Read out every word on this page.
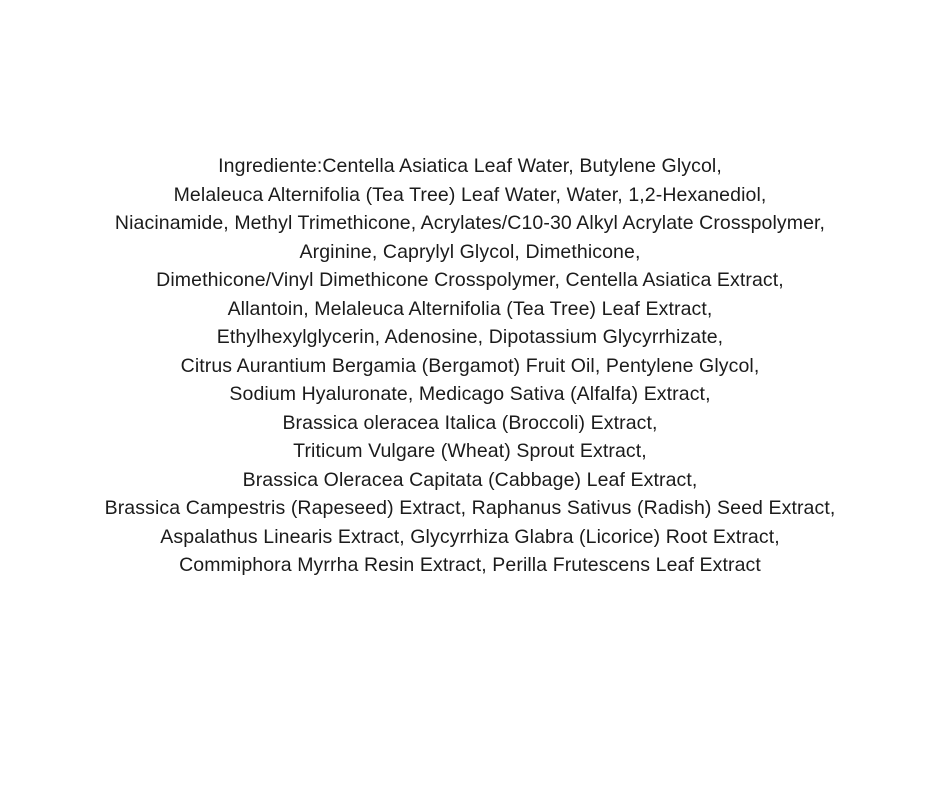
Ingrediente:Centella Asiatica Leaf Water, Butylene Glycol,
Melaleuca Alternifolia (Tea Tree) Leaf Water, Water, 1,2-Hexanediol,
Niacinamide, Methyl Trimethicone, Acrylates/C10-30 Alkyl Acrylate Crosspolymer,
Arginine, Caprylyl Glycol, Dimethicone,
Dimethicone/Vinyl Dimethicone Crosspolymer, Centella Asiatica Extract,
Allantoin, Melaleuca Alternifolia (Tea Tree) Leaf Extract,
Ethylhexylglycerin, Adenosine, Dipotassium Glycyrrhizate,
Citrus Aurantium Bergamia (Bergamot) Fruit Oil, Pentylene Glycol,
Sodium Hyaluronate, Medicago Sativa (Alfalfa) Extract,
Brassica oleracea Italica (Broccoli) Extract,
Triticum Vulgare (Wheat) Sprout Extract,
Brassica Oleracea Capitata (Cabbage) Leaf Extract,
Brassica Campestris (Rapeseed) Extract, Raphanus Sativus (Radish) Seed Extract,
Aspalathus Linearis Extract, Glycyrrhiza Glabra (Licorice) Root Extract,
Commiphora Myrrha Resin Extract, Perilla Frutescens Leaf Extract
